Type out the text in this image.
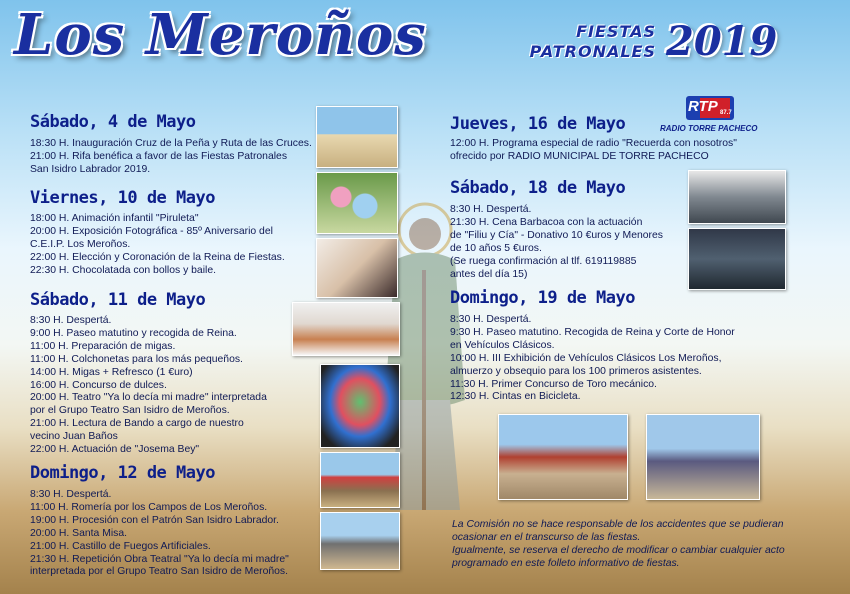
Los Meroños	FIESTAS
PATRONALES 2019
RTP 87.7
RADIO TORRE PACHECO
Sábado, 4 de Mayo
18:30 H. Inauguración Cruz de la Peña y Ruta de las Cruces.
21:00 H. Rifa benéfica a favor de las Fiestas Patronales
San Isidro Labrador 2019.
Viernes, 10 de Mayo
18:00 H. Animación infantil "Piruleta"
20:00 H. Exposición Fotográfica - 85º Aniversario del
C.E.I.P. Los Meroños.
22:00 H. Elección y Coronación de la Reina de Fiestas.
22:30 H. Chocolatada con bollos y baile.
Sábado, 11 de Mayo
8:30 H. Despertá.
9:00 H. Paseo matutino y recogida de Reina.
11:00 H. Preparación de migas.
11:00 H. Colchonetas para los más pequeños.
14:00 H. Migas + Refresco (1 €uro)
16:00 H. Concurso de dulces.
20:00 H. Teatro "Ya lo decía mi madre" interpretada
por el Grupo Teatro San Isidro de Meroños.
21:00 H. Lectura de Bando a cargo de nuestro
vecino Juan Baños
22:00 H. Actuación de "Josema Bey"
Domingo, 12 de Mayo
8:30 H. Despertá.
11:00 H. Romería por los Campos de Los Meroños.
19:00 H. Procesión con el Patrón San Isidro Labrador.
20:00 H. Santa Misa.
21:00 H. Castillo de Fuegos Artificiales.
21:30 H. Repetición Obra Teatral "Ya lo decía mi madre"
interpretada por el Grupo Teatro San Isidro de Meroños.
Jueves, 16 de Mayo
12:00 H. Programa especial de radio "Recuerda con nosotros"
ofrecido por RADIO MUNICIPAL DE TORRE PACHECO
Sábado, 18 de Mayo
8:30 H. Despertá.
21:30 H. Cena Barbacoa con la actuación
de "Filiu y Cía" - Donativo 10 €uros y Menores
de 10 años 5 €uros.
(Se ruega confirmación al tlf. 619119885
antes del día 15)
Domingo, 19 de Mayo
8:30 H. Despertá.
9:30 H. Paseo matutino. Recogida de Reina y Corte de Honor
en Vehículos Clásicos.
10:00 H. III Exhibición de Vehículos Clásicos Los Meroños,
almuerzo y obsequio para los 100 primeros asistentes.
11:30 H. Primer Concurso de Toro mecánico.
12:30 H. Cintas en Bicicleta.
La Comisión no se hace responsable de los accidentes que se pudieran
ocasionar en el transcurso de las fiestas.
Igualmente, se reserva el derecho de modificar o cambiar cualquier acto
programado en este folleto informativo de fiestas.
